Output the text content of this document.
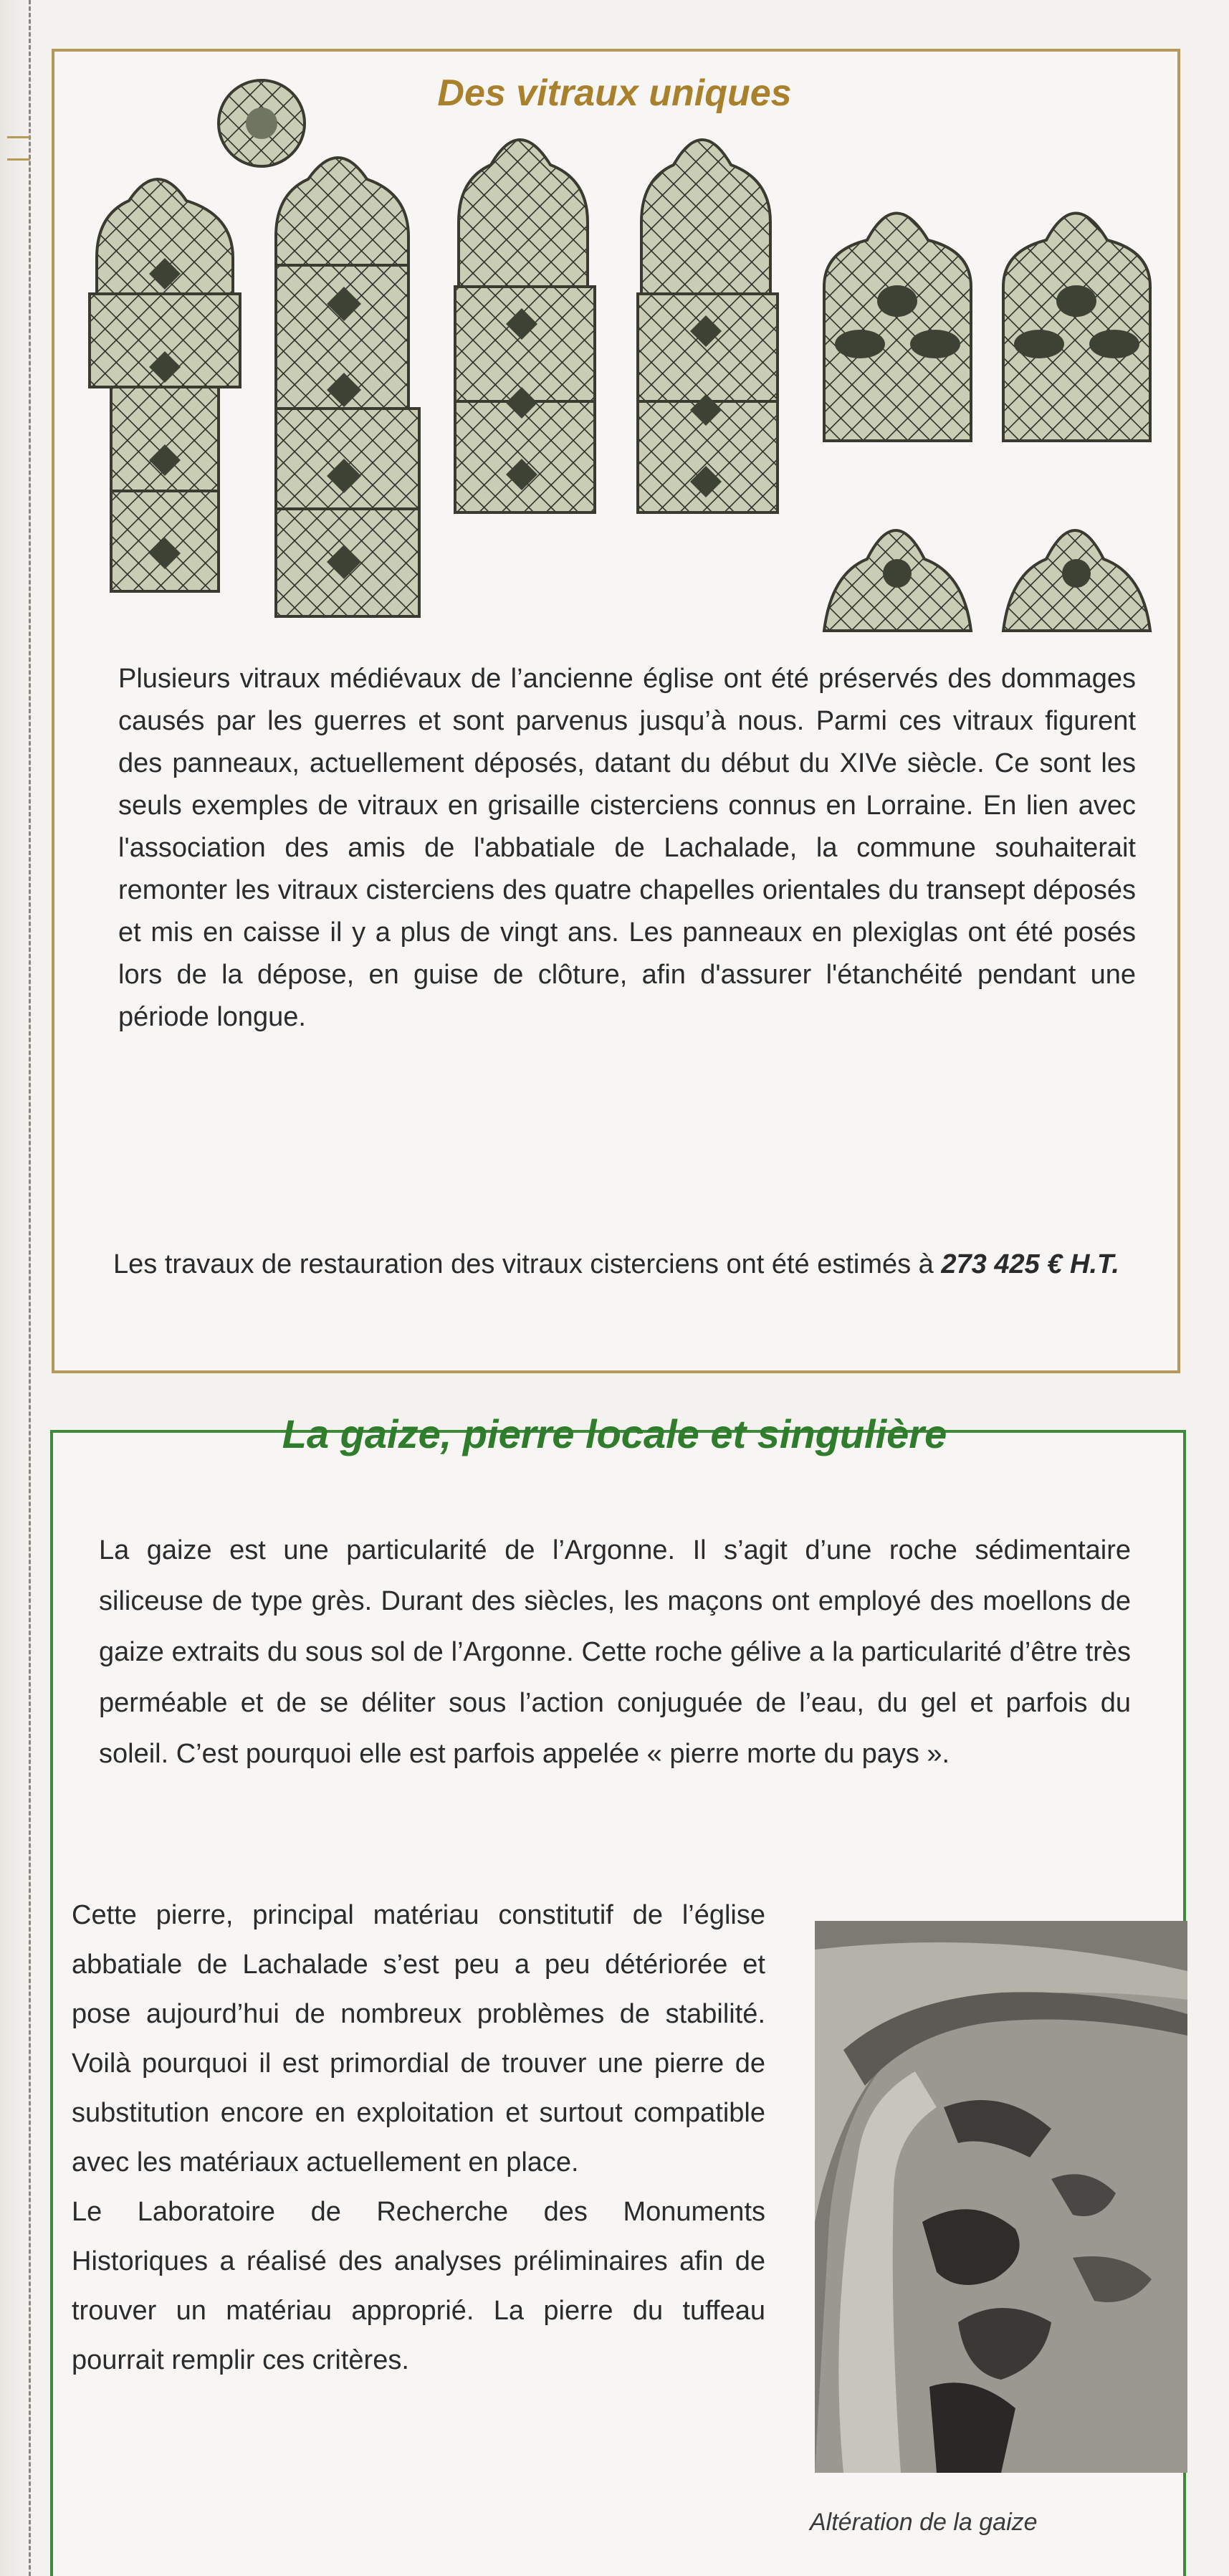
Des vitraux uniques
Plusieurs vitraux médiévaux de l’ancienne église ont été préservés des dommages causés par les guerres et sont parvenus jusqu’à nous. Parmi ces vitraux figurent des panneaux, actuellement déposés, datant du début du XIVe siècle. Ce sont les seuls exemples de vitraux en grisaille cisterciens connus en Lorraine. En lien avec l'association des amis de l'abbatiale de Lachalade, la commune souhaiterait remonter les vitraux cisterciens des quatre chapelles orientales du transept déposés et mis en caisse il y a plus de vingt ans. Les panneaux en plexiglas ont été posés lors de la dépose, en guise de clôture, afin d'assurer l'étanchéité pendant une période longue.
Les travaux de restauration des vitraux cisterciens ont été estimés à 273 425 € H.T.
La gaize, pierre locale et singulière
La gaize est une particularité de l’Argonne. Il s’agit d’une roche sédimentaire siliceuse de type grès. Durant des siècles, les maçons ont employé des moellons de gaize extraits du sous sol de l’Argonne. Cette roche gélive a la particularité d’être très perméable et de se déliter sous l’action conjuguée de l’eau, du gel et parfois du soleil. C’est pourquoi elle est parfois appelée « pierre morte du pays ».
Cette pierre, principal matériau constitutif de l’église abbatiale de Lachalade s’est peu a peu détériorée et pose aujourd’hui de nombreux problèmes de stabilité. Voilà pourquoi il est primordial de trouver une pierre de substitution encore en exploitation et surtout compatible avec les matériaux actuellement en place.
Le Laboratoire de Recherche des Monuments Historiques a réalisé des analyses préliminaires afin de trouver un matériau approprié. La pierre du tuffeau pourrait remplir ces critères.
Altération de la gaize
